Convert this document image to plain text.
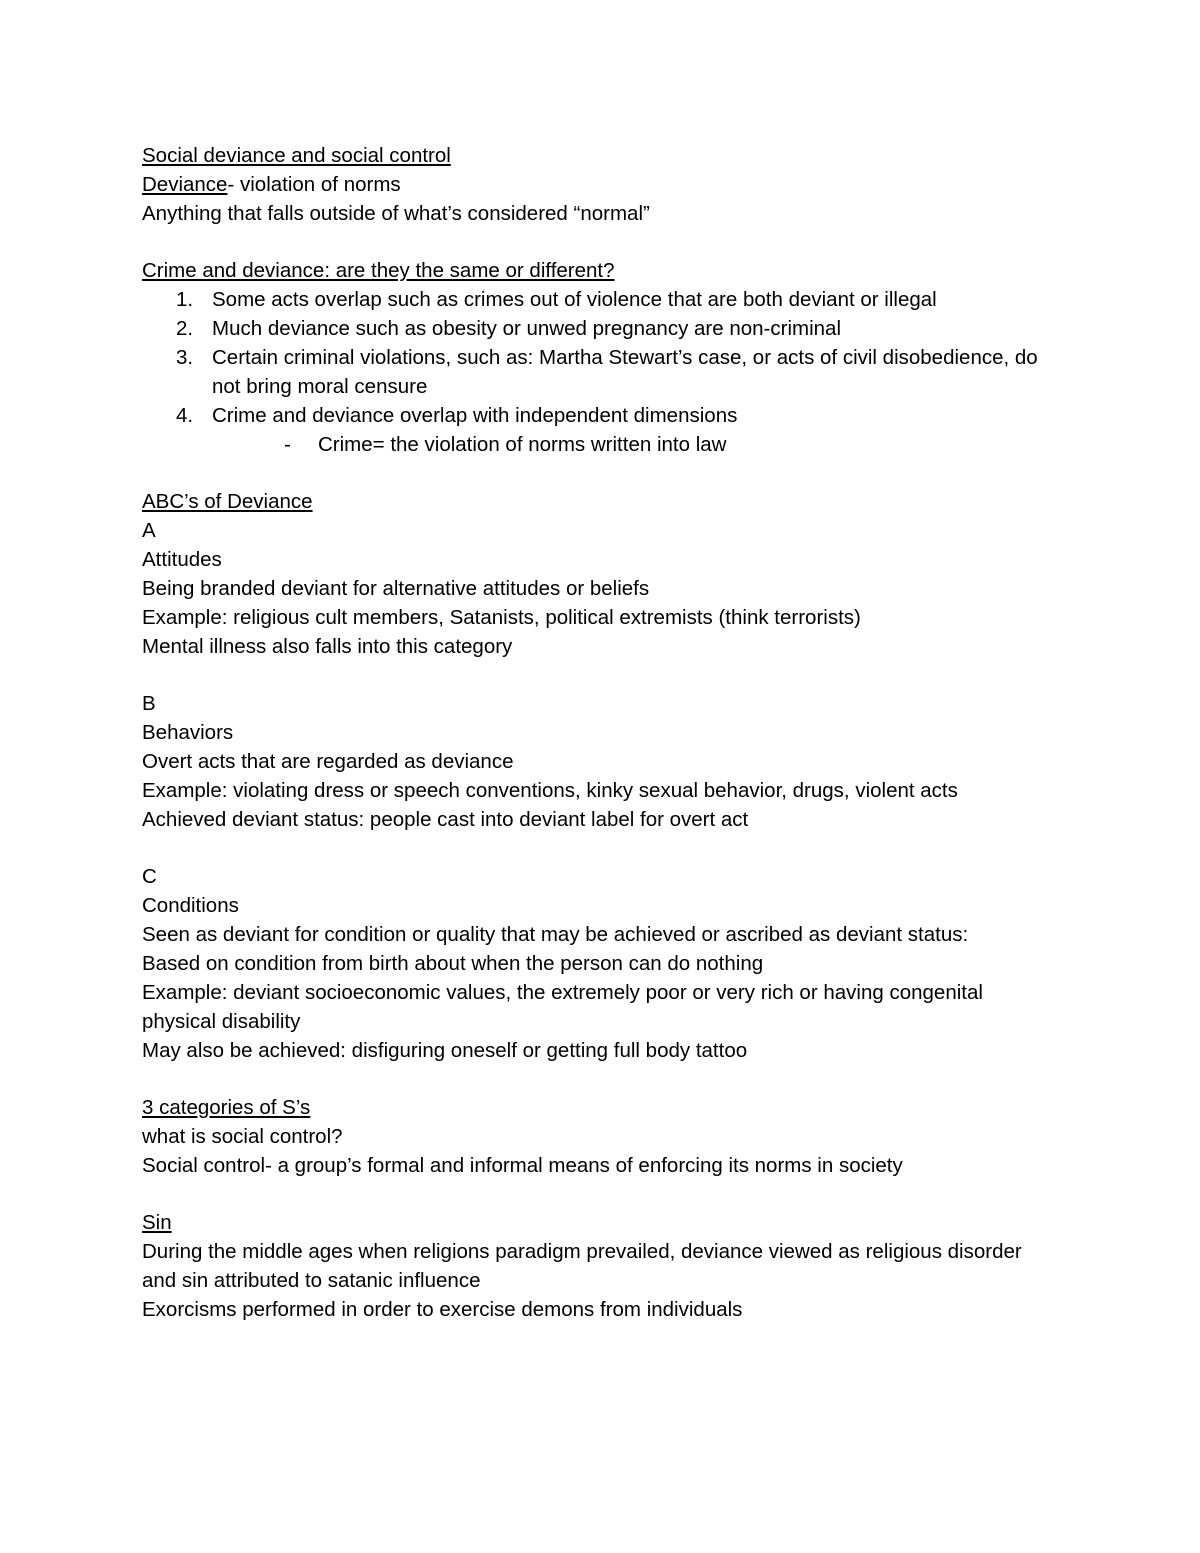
Social deviance and social control
Deviance- violation of norms
Anything that falls outside of what’s considered “normal”
Crime and deviance: are they the same or different?
1. Some acts overlap such as crimes out of violence that are both deviant or illegal
2. Much deviance such as obesity or unwed pregnancy are non-criminal
3. Certain criminal violations, such as: Martha Stewart’s case, or acts of civil disobedience, do not bring moral censure
4. Crime and deviance overlap with independent dimensions
- Crime= the violation of norms written into law
ABC’s of Deviance
A
Attitudes
Being branded deviant for alternative attitudes or beliefs
Example: religious cult members, Satanists, political extremists (think terrorists)
Mental illness also falls into this category
B
Behaviors
Overt acts that are regarded as deviance
Example: violating dress or speech conventions, kinky sexual behavior, drugs, violent acts
Achieved deviant status: people cast into deviant label for overt act
C
Conditions
Seen as deviant for condition or quality that may be achieved or ascribed as deviant status:
Based on condition from birth about when the person can do nothing
Example: deviant socioeconomic values, the extremely poor or very rich or having congenital physical disability
May also be achieved: disfiguring oneself or getting full body tattoo
3 categories of S’s
what is social control?
Social control- a group’s formal and informal means of enforcing its norms in society
Sin
During the middle ages when religions paradigm prevailed, deviance viewed as religious disorder and sin attributed to satanic influence
Exorcisms performed in order to exercise demons from individuals
